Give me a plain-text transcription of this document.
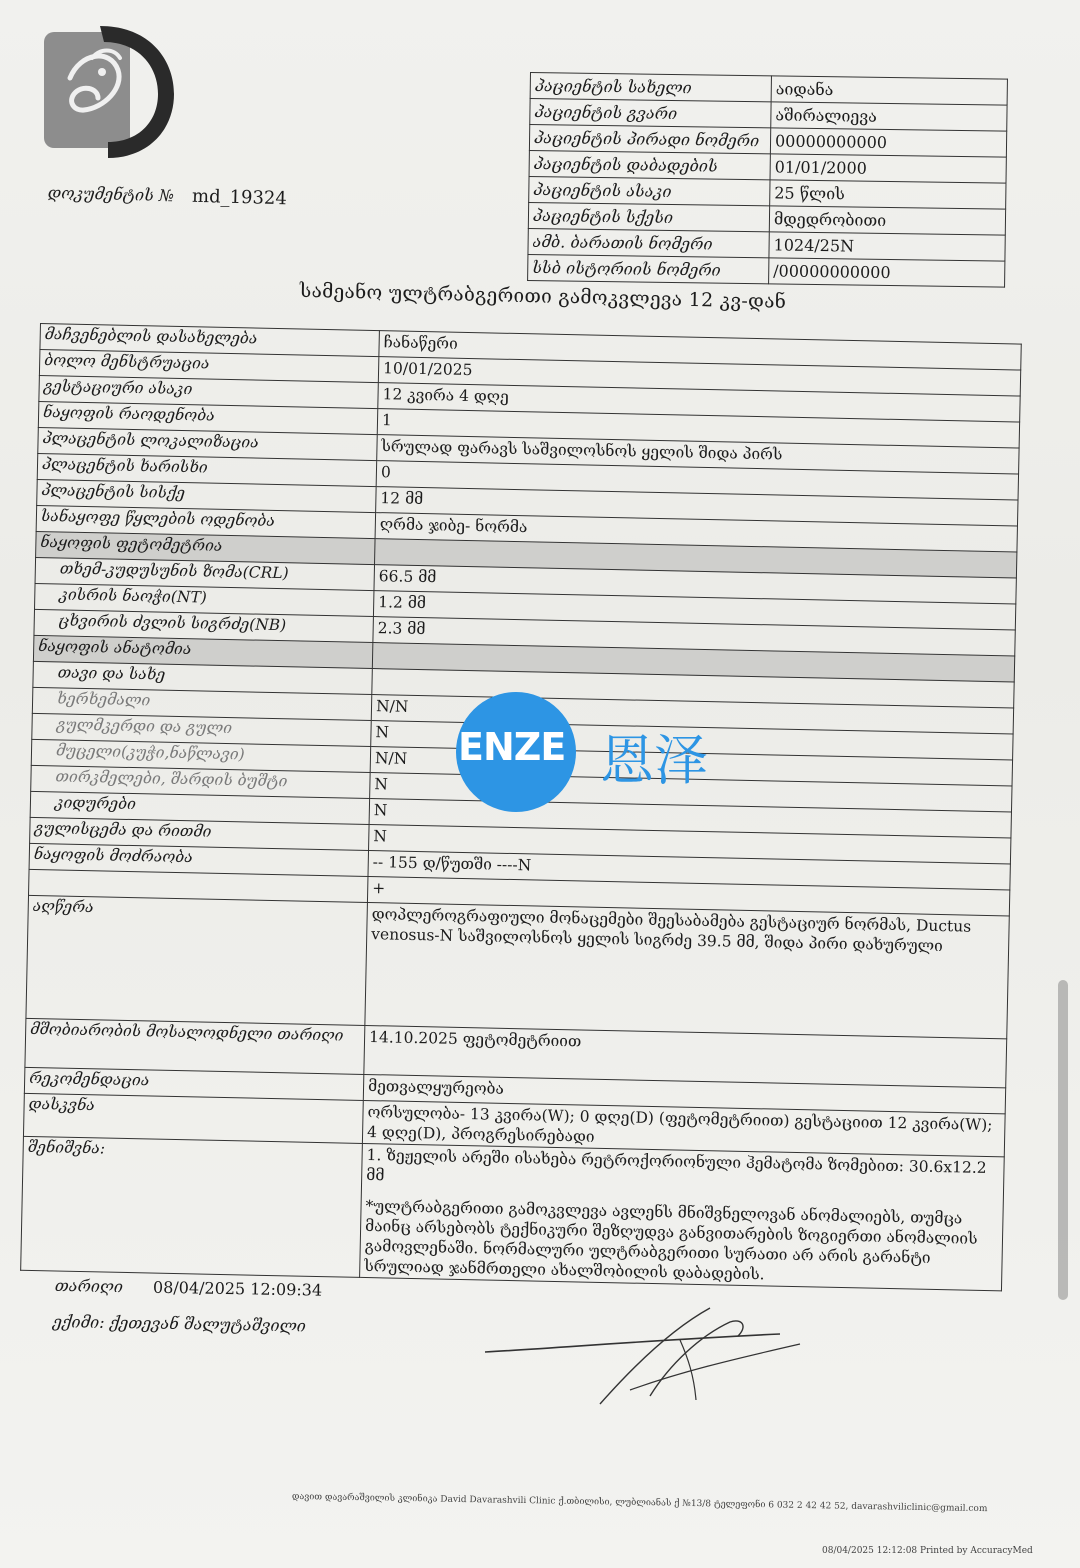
დოკუმენტის № md_19324
პაციენტის სახელი	აიდანა
პაციენტის გვარი	აშირალიევა
პაციენტის პირადი ნომერი	00000000000
პაციენტის დაბადების	01/01/2000
პაციენტის ასაკი	25 წლის
პაციენტის სქესი	მდედრობითი
ამბ. ბარათის ნომერი	1024/25N
სსბ ისტორიის ნომერი	/00000000000
სამეანო ულტრაბგერითი გამოკვლევა 12 კვ-დან
მაჩვენებლის დასახელება	ჩანაწერი
ბოლო მენსტრუაცია	10/01/2025
გესტაციური ასაკი	12 კვირა 4 დღე
ნაყოფის რაოდენობა	1
პლაცენტის ლოკალიზაცია	სრულად ფარავს საშვილოსნოს ყელის შიდა პირს
პლაცენტის ხარისხი	0
პლაცენტის სისქე	12 მმ
სანაყოფე წყლების ოდენობა	ღრმა ჯიბე- ნორმა
ნაყოფის ფეტომეტრია	
თხემ-კუდუსუნის ზომა(CRL)	66.5 მმ
კისრის ნაოჭი(NT)	1.2 მმ
ცხვირის ძვლის სიგრძე(NB)	2.3 მმ
ნაყოფის ანატომია	
თავი და სახე	
ხერხემალი	N/N
გულმკერდი და გული	N
მუცელი(კუჭი,ნაწლავი)	N/N
თირკმელები, შარდის ბუშტი	N
კიდურები	N
გულისცემა და რითმი	N
ნაყოფის მოძრაობა	-- 155 დ/წუთში ----N
	+
აღწერა	დოპლეროგრაფიული მონაცემები შეესაბამება გესტაციურ ნორმას, Ductus venosus-N საშვილოსნოს ყელის სიგრძე 39.5 მმ, შიდა პირი დახურული
მშობიარობის მოსალოდნელი თარიღი	14.10.2025 ფეტომეტრიით
რეკომენდაცია	მეთვალყურეობა
დასკვნა	ორსულობა- 13 კვირა(W); 0 დღე(D) (ფეტომეტრიით) გესტაციით 12 კვირა(W); 4 დღე(D), პროგრესირებადი
შენიშვნა:	1. ზეჟელის არეში ისახება რეტროქორიონული ჰემატომა ზომებით: 30.6x12.2 მმ
*ულტრაბგერითი გამოკვლევა ავლენს მნიშვნელოვან ანომალიებს, თუმცა მაინც არსებობს ტექნიკური შეზღუდვა განვითარების ზოგიერთი ანომალიის გამოვლენაში. ნორმალური ულტრაბგერითი სურათი არ არის გარანტი სრულიად ჯანმრთელი ახალშობილის დაბადების.
ENZE 恩泽
თარიღი 08/04/2025 12:09:34
ექიმი: ქეთევან შალუტაშვილი
დავით დავარაშვილის კლინიკა David Davarashvili Clinic ქ.თბილისი, ლუბლიანას ქ №13/8 ტელეფონი 6 032 2 42 42 52, davarashviliclinic@gmail.com
08/04/2025 12:12:08 Printed by AccuracyMed
